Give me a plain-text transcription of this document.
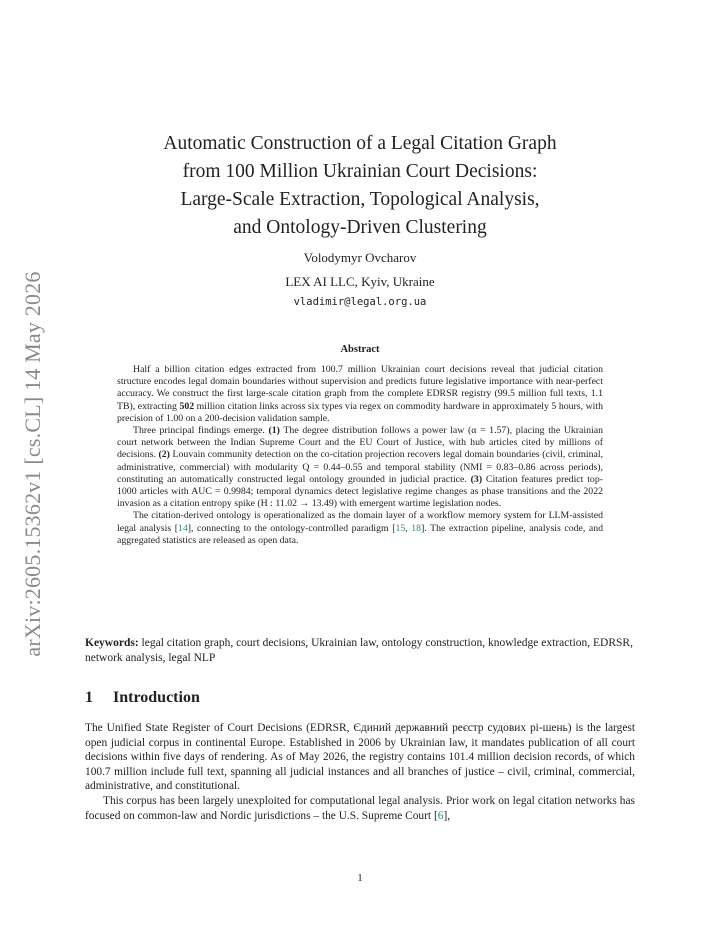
arXiv:2605.15362v1 [cs.CL] 14 May 2026
Automatic Construction of a Legal Citation Graph
from 100 Million Ukrainian Court Decisions:
Large-Scale Extraction, Topological Analysis,
and Ontology-Driven Clustering
Volodymyr Ovcharov
LEX AI LLC, Kyiv, Ukraine
vladimir@legal.org.ua
Abstract

Half a billion citation edges extracted from 100.7 million Ukrainian court decisions reveal that judicial citation structure encodes legal domain boundaries without supervision and predicts future legislative importance with near-perfect accuracy. We construct the first large-scale citation graph from the complete EDRSR registry (99.5 million full texts, 1.1 TB), extracting 502 million citation links across six types via regex on commodity hardware in approximately 5 hours, with precision of 1.00 on a 200-decision validation sample.

Three principal findings emerge. (1) The degree distribution follows a power law (α = 1.57), placing the Ukrainian court network between the Indian Supreme Court and the EU Court of Justice, with hub articles cited by millions of decisions. (2) Louvain community detection on the co-citation projection recovers legal domain boundaries (civil, criminal, administrative, commercial) with modularity Q = 0.44–0.55 and temporal stability (NMI = 0.83–0.86 across periods), constituting an automatically constructed legal ontology grounded in judicial practice. (3) Citation features predict top-1000 articles with AUC = 0.9984; temporal dynamics detect legislative regime changes as phase transitions and the 2022 invasion as a citation entropy spike (H : 11.02 → 13.49) with emergent wartime legislation nodes.

The citation-derived ontology is operationalized as the domain layer of a workflow memory system for LLM-assisted legal analysis [14], connecting to the ontology-controlled paradigm [15, 18]. The extraction pipeline, analysis code, and aggregated statistics are released as open data.

Keywords: legal citation graph, court decisions, Ukrainian law, ontology construction, knowledge extraction, EDRSR, network analysis, legal NLP
1 Introduction

The Unified State Register of Court Decisions (EDRSR, Єдиний державний реєстр судових рі-шень) is the largest open judicial corpus in continental Europe. Established in 2006 by Ukrainian law, it mandates publication of all court decisions within five days of rendering. As of May 2026, the registry contains 101.4 million decision records, of which 100.7 million include full text, spanning all judicial instances and all branches of justice – civil, criminal, commercial, administrative, and constitutional.

This corpus has been largely unexploited for computational legal analysis. Prior work on legal citation networks has focused on common-law and Nordic jurisdictions – the U.S. Supreme Court [6],

1
